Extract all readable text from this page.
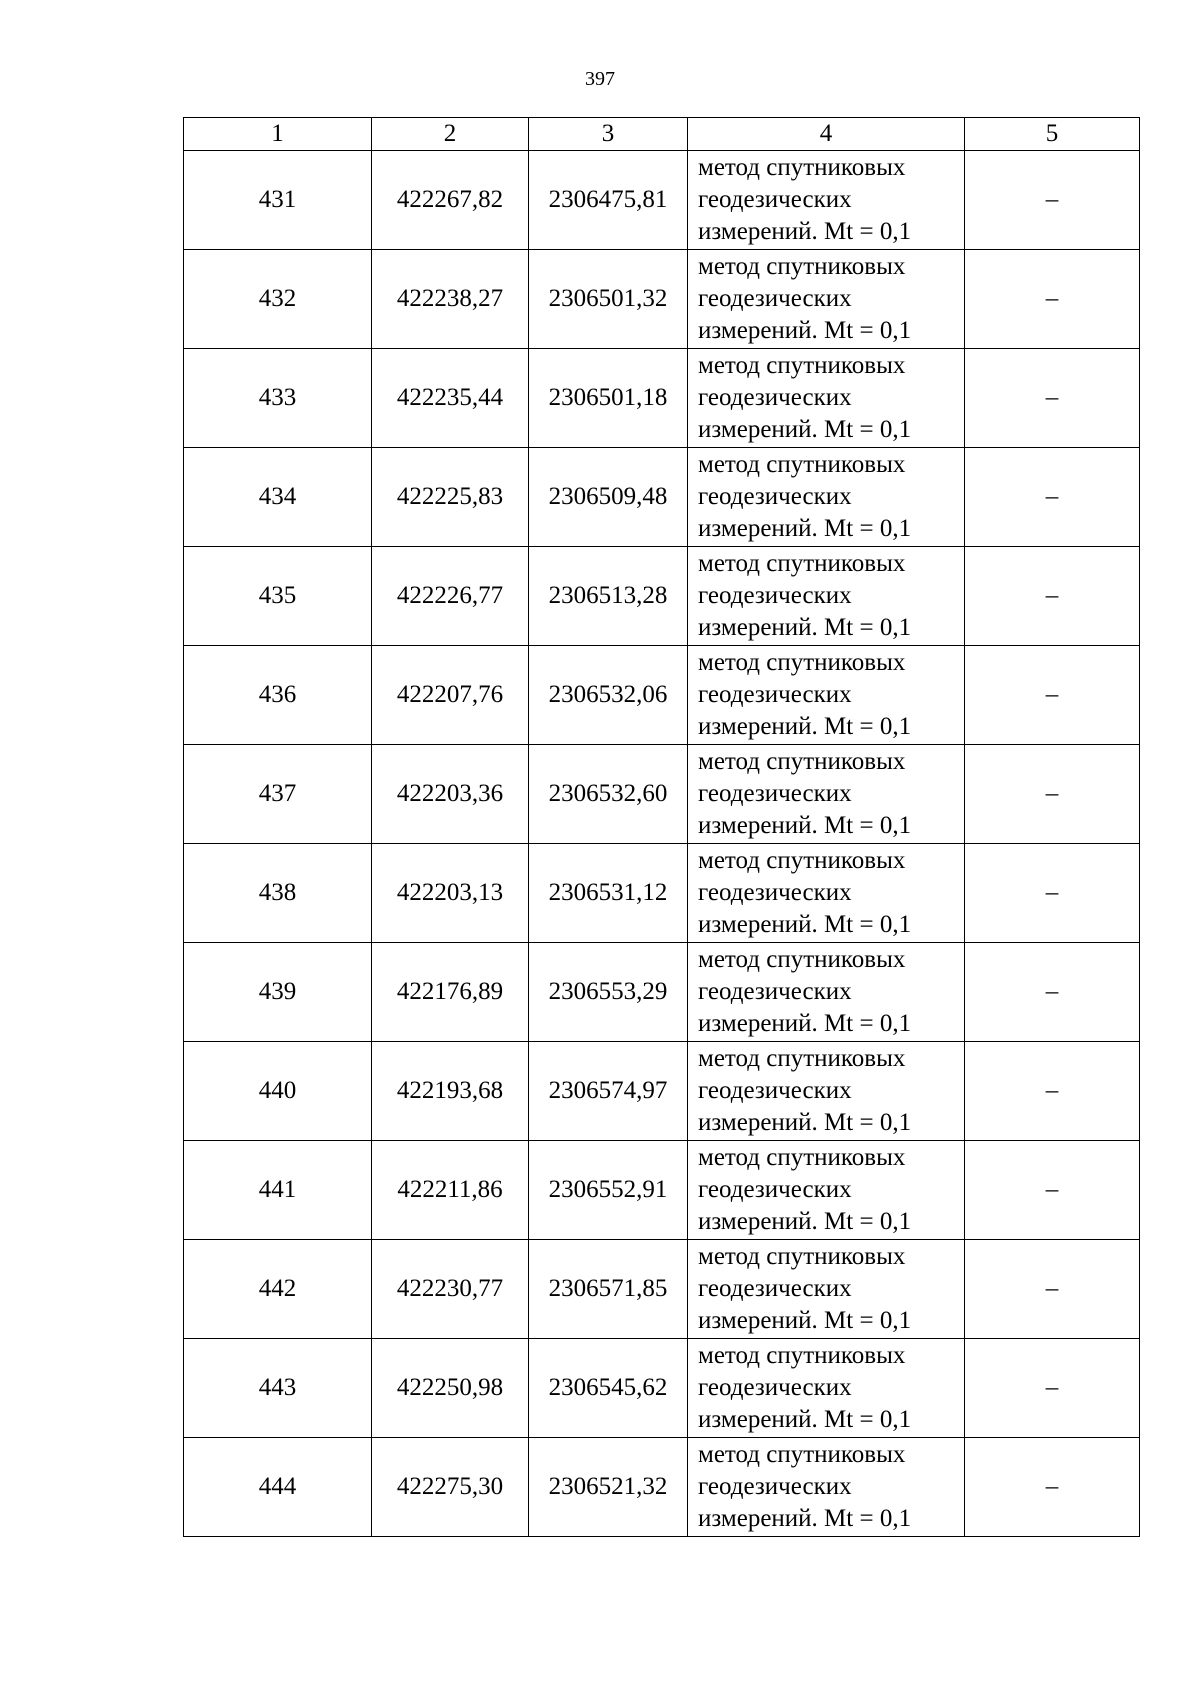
397
1	2	3	4	5
431	422267,82	2306475,81	метод спутниковых
геодезических
измерений. Mt = 0,1	–
432	422238,27	2306501,32	метод спутниковых
геодезических
измерений. Mt = 0,1	–
433	422235,44	2306501,18	метод спутниковых
геодезических
измерений. Mt = 0,1	–
434	422225,83	2306509,48	метод спутниковых
геодезических
измерений. Mt = 0,1	–
435	422226,77	2306513,28	метод спутниковых
геодезических
измерений. Mt = 0,1	–
436	422207,76	2306532,06	метод спутниковых
геодезических
измерений. Mt = 0,1	–
437	422203,36	2306532,60	метод спутниковых
геодезических
измерений. Mt = 0,1	–
438	422203,13	2306531,12	метод спутниковых
геодезических
измерений. Mt = 0,1	–
439	422176,89	2306553,29	метод спутниковых
геодезических
измерений. Mt = 0,1	–
440	422193,68	2306574,97	метод спутниковых
геодезических
измерений. Mt = 0,1	–
441	422211,86	2306552,91	метод спутниковых
геодезических
измерений. Mt = 0,1	–
442	422230,77	2306571,85	метод спутниковых
геодезических
измерений. Mt = 0,1	–
443	422250,98	2306545,62	метод спутниковых
геодезических
измерений. Mt = 0,1	–
444	422275,30	2306521,32	метод спутниковых
геодезических
измерений. Mt = 0,1	–
